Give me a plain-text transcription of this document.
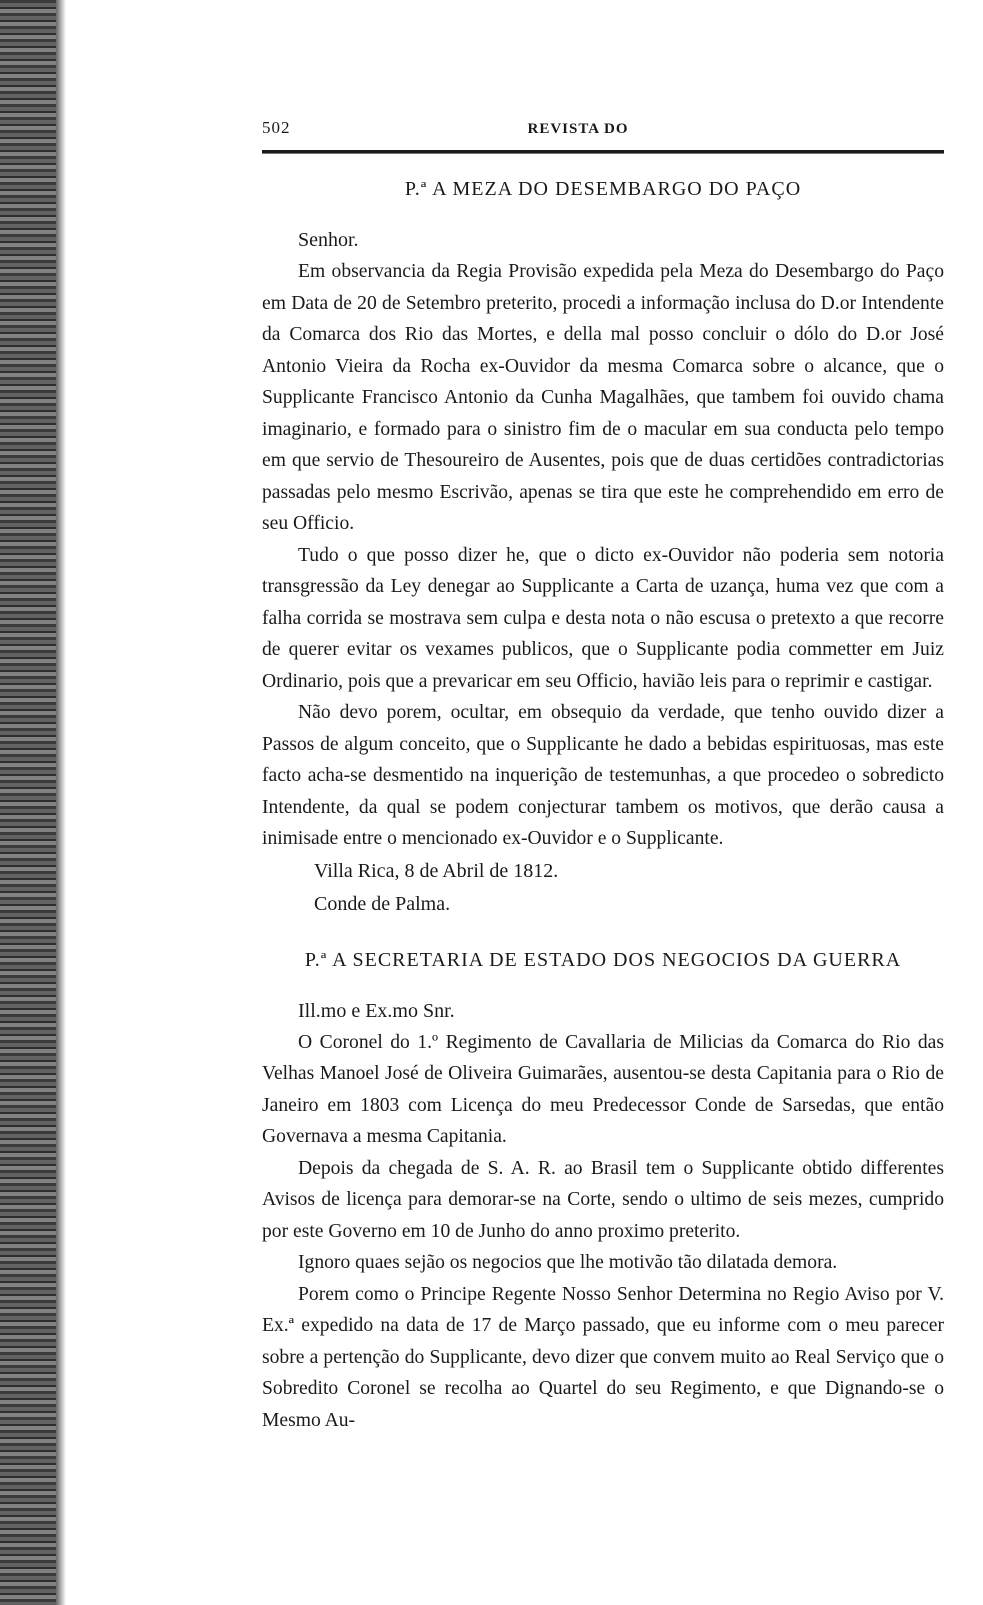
502	REVISTA DO
P.ª A MEZA DO DESEMBARGO DO PAÇO
Senhor.

Em observancia da Regia Provisão expedida pela Meza do Desembargo do Paço em Data de 20 de Setembro preterito, procedi a informação inclusa do D.or Intendente da Comarca dos Rio das Mortes, e della mal posso concluir o dólo do D.or José Antonio Vieira da Rocha ex-Ouvidor da mesma Comarca sobre o alcance, que o Supplicante Francisco Antonio da Cunha Magalhães, que tambem foi ouvido chama imaginario, e formado para o sinistro fim de o macular em sua conducta pelo tempo em que servio de Thesoureiro de Ausentes, pois que de duas certidões contradictorias passadas pelo mesmo Escrivão, apenas se tira que este he comprehendido em erro de seu Officio.

Tudo o que posso dizer he, que o dicto ex-Ouvidor não poderia sem notoria transgressão da Ley denegar ao Supplicante a Carta de uzança, huma vez que com a falha corrida se mostrava sem culpa e desta nota o não escusa o pretexto a que recorre de querer evitar os vexames publicos, que o Supplicante podia commetter em Juiz Ordinario, pois que a prevaricar em seu Officio, havião leis para o reprimir e castigar.

Não devo porem, ocultar, em obsequio da verdade, que tenho ouvido dizer a Passos de algum conceito, que o Supplicante he dado a bebidas espirituosas, mas este facto acha-se desmentido na inquerição de testemunhas, a que procedeo o sobredicto Intendente, da qual se podem conjecturar tambem os motivos, que derão causa a inimisade entre o mencionado ex-Ouvidor e o Supplicante.

Villa Rica, 8 de Abril de 1812.
Conde de Palma.
P.ª A SECRETARIA DE ESTADO DOS NEGOCIOS DA GUERRA
Ill.mo e Ex.mo Snr.

O Coronel do 1.º Regimento de Cavallaria de Milicias da Comarca do Rio das Velhas Manoel José de Oliveira Guimarães, ausentou-se desta Capitania para o Rio de Janeiro em 1803 com Licença do meu Predecessor Conde de Sarsedas, que então Governava a mesma Capitania.

Depois da chegada de S. A. R. ao Brasil tem o Supplicante obtido differentes Avisos de licença para demorar-se na Corte, sendo o ultimo de seis mezes, cumprido por este Governo em 10 de Junho do anno proximo preterito.

Ignoro quaes sejão os negocios que lhe motivão tão dilatada demora.

Porem como o Principe Regente Nosso Senhor Determina no Regio Aviso por V. Ex.ª expedido na data de 17 de Março passado, que eu informe com o meu parecer sobre a pertenção do Supplicante, devo dizer que convem muito ao Real Serviço que o Sobredito Coronel se recolha ao Quartel do seu Regimento, e que Dignando-se o Mesmo Au-
